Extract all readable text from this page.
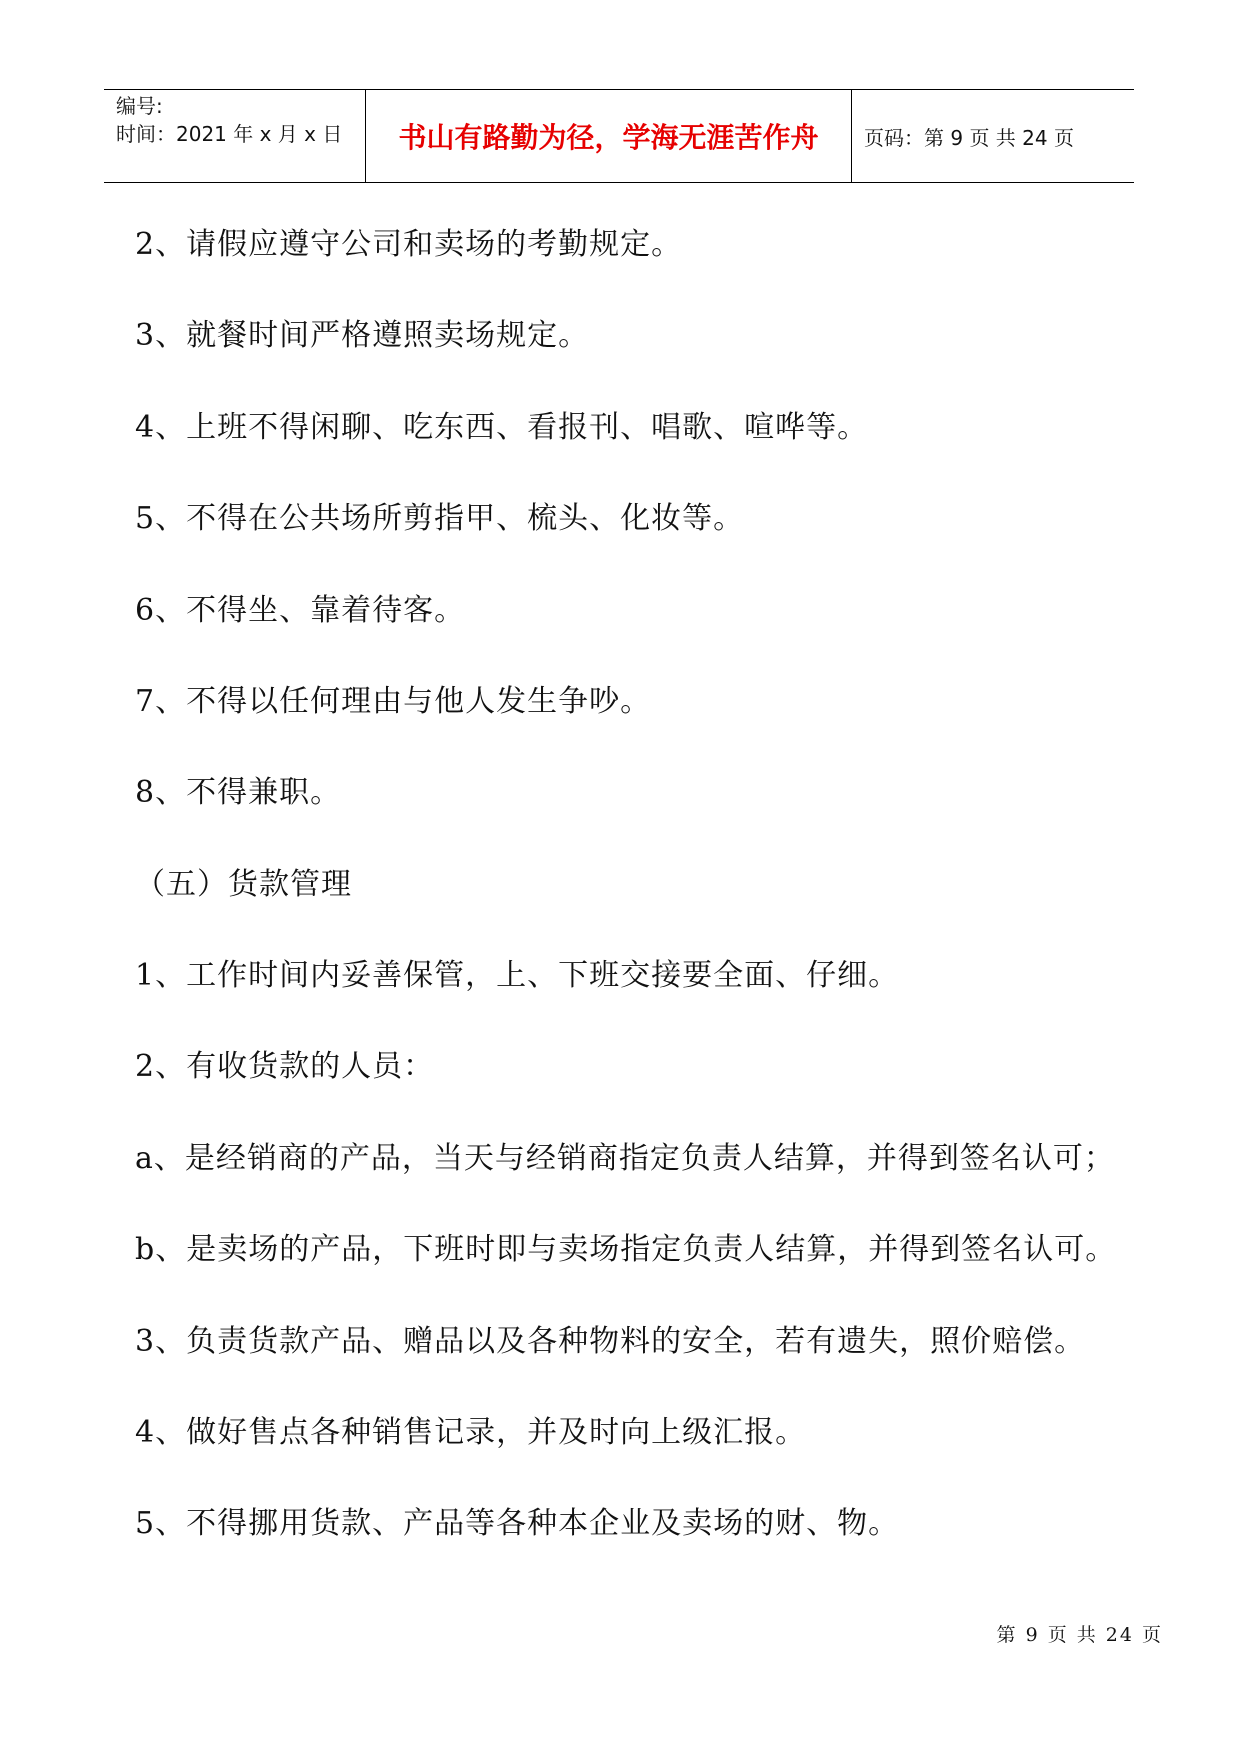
编号:
时间：2021 年 x 月 x 日	书山有路勤为径，学海无涯苦作舟	页码：第 9 页 共 24 页
2、请假应遵守公司和卖场的考勤规定。
3、就餐时间严格遵照卖场规定。
4、上班不得闲聊、吃东西、看报刊、唱歌、喧哗等。
5、不得在公共场所剪指甲、梳头、化妆等。
6、不得坐、靠着待客。
7、不得以任何理由与他人发生争吵。
8、不得兼职。
（五）货款管理
1、工作时间内妥善保管，上、下班交接要全面、仔细。
2、有收货款的人员：
a、是经销商的产品，当天与经销商指定负责人结算，并得到签名认可；
b、是卖场的产品，下班时即与卖场指定负责人结算，并得到签名认可。
3、负责货款产品、赠品以及各种物料的安全，若有遗失，照价赔偿。
4、做好售点各种销售记录，并及时向上级汇报。
5、不得挪用货款、产品等各种本企业及卖场的财、物。
第 9 页 共 24 页
